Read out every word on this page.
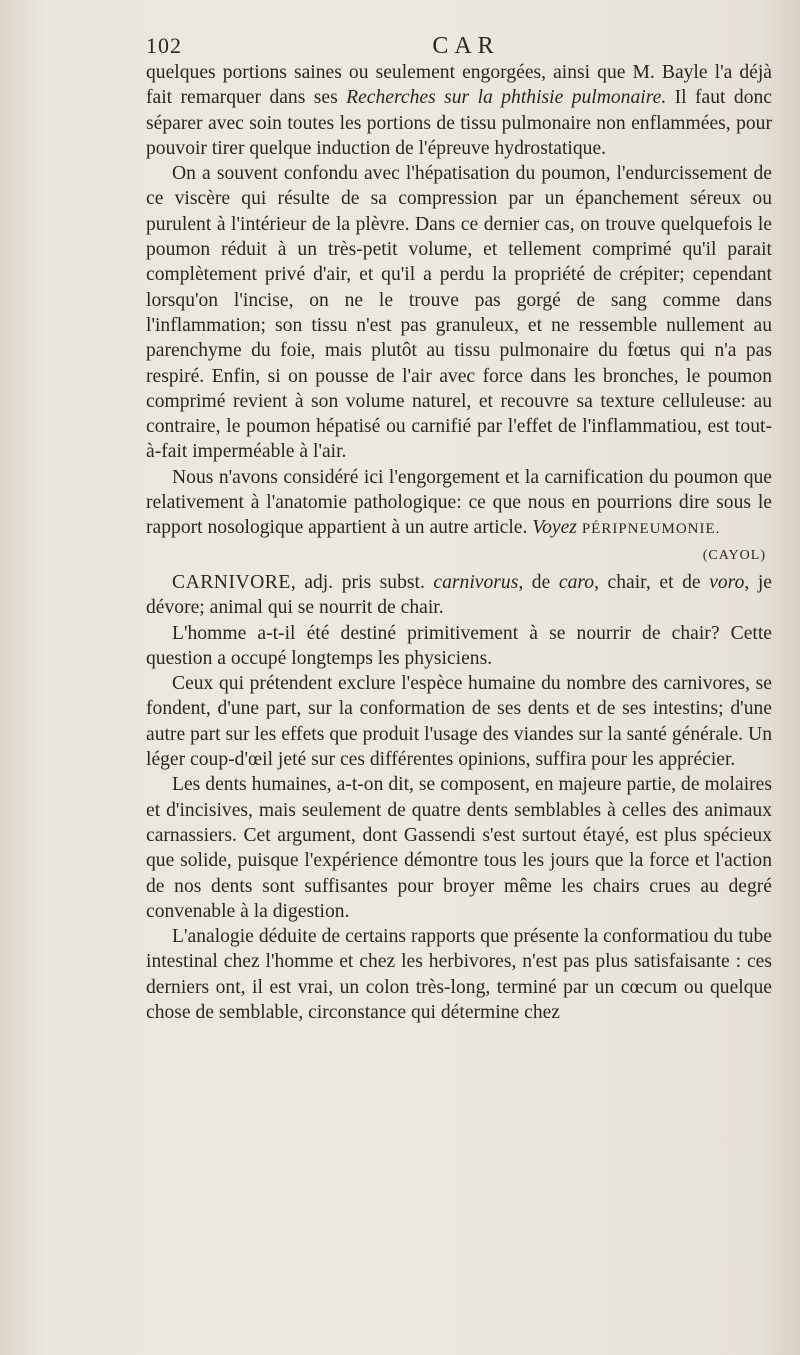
102	CAR

quelques portions saines ou seulement engorgées, ainsi que M. Bayle l'a déjà fait remarquer dans ses Recherches sur la phthisie pulmonaire. Il faut donc séparer avec soin toutes les portions de tissu pulmonaire non enflammées, pour pouvoir tirer quelque induction de l'épreuve hydrostatique.

On a souvent confondu avec l'hépatisation du poumon, l'endurcissement de ce viscère qui résulte de sa compression par un épanchement séreux ou purulent à l'intérieur de la plèvre. Dans ce dernier cas, on trouve quelquefois le poumon réduit à un très-petit volume, et tellement comprimé qu'il parait complètement privé d'air, et qu'il a perdu la propriété de crépiter; cependant lorsqu'on l'incise, on ne le trouve pas gorgé de sang comme dans l'inflammation; son tissu n'est pas granuleux, et ne ressemble nullement au parenchyme du foie, mais plutôt au tissu pulmonaire du fœtus qui n'a pas respiré. Enfin, si on pousse de l'air avec force dans les bronches, le poumon comprimé revient à son volume naturel, et recouvre sa texture celluleuse: au contraire, le poumon hépatisé ou carnifié par l'effet de l'inflammatiou, est tout-à-fait imperméable à l'air.

Nous n'avons considéré ici l'engorgement et la carnification du poumon que relativement à l'anatomie pathologique: ce que nous en pourrions dire sous le rapport nosologique appartient à un autre article. Voyez PÉRIPNEUMONIE.

(CAYOL)

CARNIVORE, adj. pris subst. carnivorus, de caro, chair, et de voro, je dévore; animal qui se nourrit de chair.

L'homme a-t-il été destiné primitivement à se nourrir de chair? Cette question a occupé longtemps les physiciens.

Ceux qui prétendent exclure l'espèce humaine du nombre des carnivores, se fondent, d'une part, sur la conformation de ses dents et de ses intestins; d'une autre part sur les effets que produit l'usage des viandes sur la santé générale. Un léger coup-d'œil jeté sur ces différentes opinions, suffira pour les apprécier.

Les dents humaines, a-t-on dit, se composent, en majeure partie, de molaires et d'incisives, mais seulement de quatre dents semblables à celles des animaux carnassiers. Cet argument, dont Gassendi s'est surtout étayé, est plus spécieux que solide, puisque l'expérience démontre tous les jours que la force et l'action de nos dents sont suffisantes pour broyer même les chairs crues au degré convenable à la digestion.

L'analogie déduite de certains rapports que présente la conformatiou du tube intestinal chez l'homme et chez les herbivores, n'est pas plus satisfaisante : ces derniers ont, il est vrai, un colon très-long, terminé par un cœcum ou quelque chose de semblable, circonstance qui détermine chez
